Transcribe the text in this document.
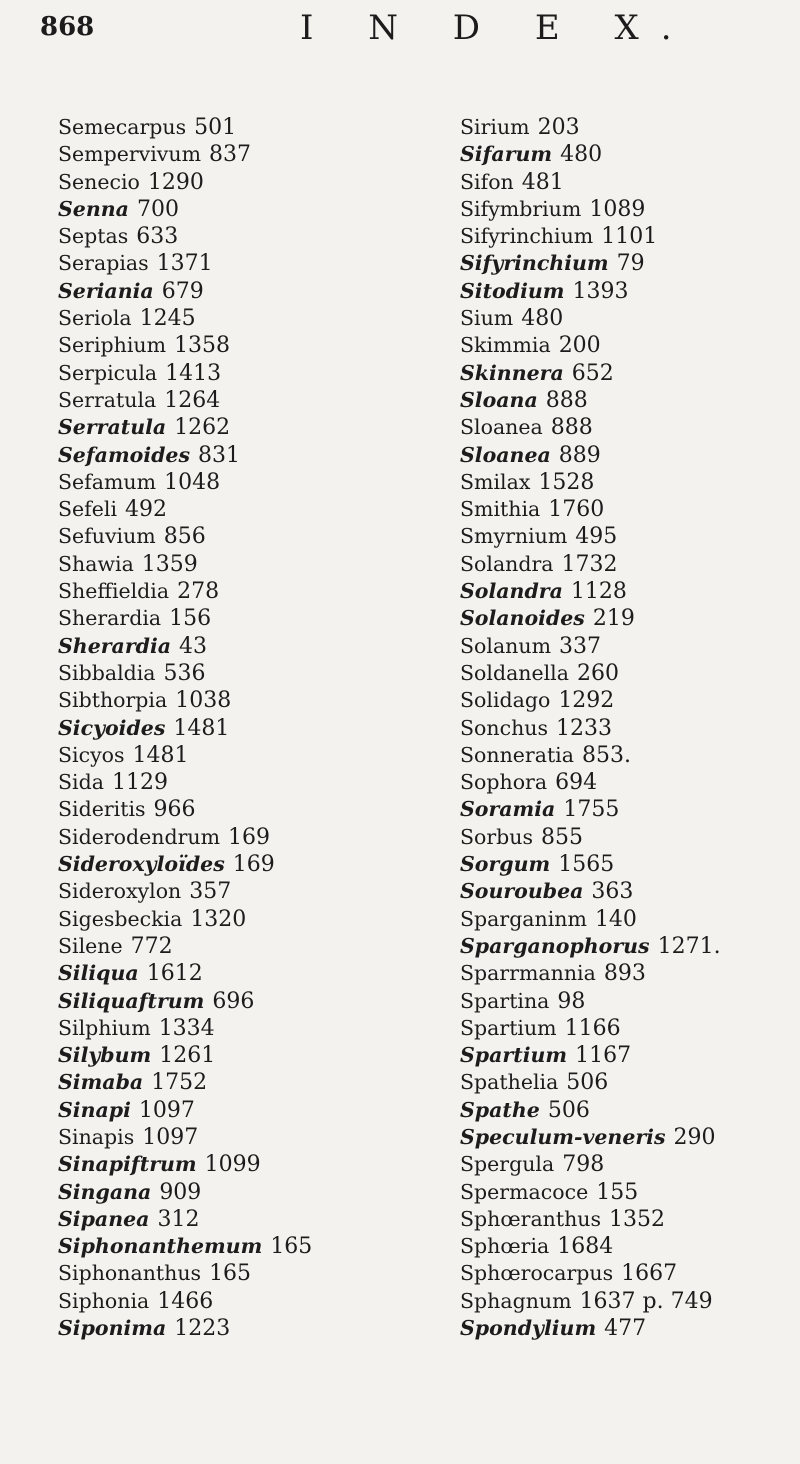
868	I N D E X.
Semecarpus 501
Sempervivum 837
Senecio 1290
Senna 700
Septas 633
Serapias 1371
Seriania 679
Seriola 1245
Seriphium 1358
Serpicula 1413
Serratula 1264
Serratula 1262
Sefamoides 831
Sefamum 1048
Sefeli 492
Sefuvium 856
Shawia 1359
Sheffieldia 278
Sherardia 156
Sherardia 43
Sibbaldia 536
Sibthorpia 1038
Sicyoides 1481
Sicyos 1481
Sida 1129
Sideritis 966
Siderodendrum 169
Sideroxyloïdes 169
Sideroxylon 357
Sigesbeckia 1320
Silene 772
Siliqua 1612
Siliquaftrum 696
Silphium 1334
Silybum 1261
Simaba 1752
Sinapi 1097
Sinapis 1097
Sinapiftrum 1099
Singana 909
Sipanea 312
Siphonanthemum 165
Siphonanthus 165
Siphonia 1466
Siponima 1223
Sirium 203
Sifarum 480
Sifon 481
Sifymbrium 1089
Sifyrinchium 1101
Sifyrinchium 79
Sitodium 1393
Sium 480
Skimmia 200
Skinnera 652
Sloana 888
Sloanea 888
Sloanea 889
Smilax 1528
Smithia 1760
Smyrnium 495
Solandra 1732
Solandra 1128
Solanoides 219
Solanum 337
Soldanella 260
Solidago 1292
Sonchus 1233
Sonneratia 853.
Sophora 694
Soramia 1755
Sorbus 855
Sorgum 1565
Souroubea 363
Sparganinm 140
Sparganophorus 1271.
Sparrmannia 893
Spartina 98
Spartium 1166
Spartium 1167
Spathelia 506
Spathe 506
Speculum-veneris 290
Spergula 798
Spermacoce 155
Sphœranthus 1352
Sphœria 1684
Sphœrocarpus 1667
Sphagnum 1637 p. 749
Spondylium 477
